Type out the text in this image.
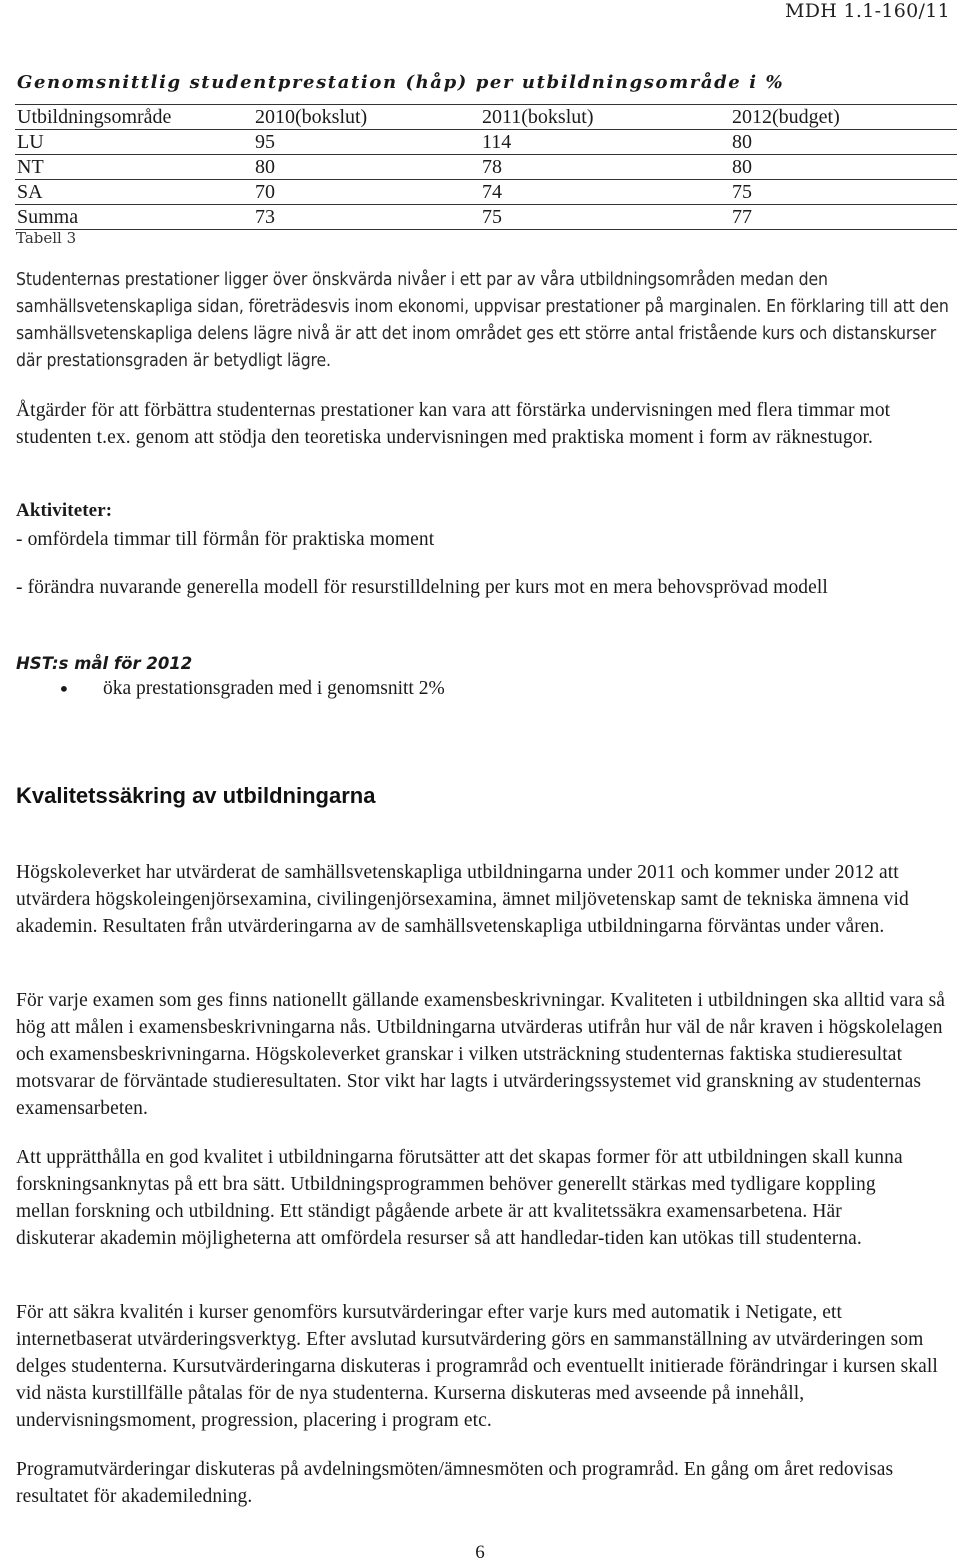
MDH 1.1-160/11
Genomsnittlig studentprestation (håp) per utbildningsområde i %
Utbildningsområde	2010(bokslut)	2011(bokslut)	2012(budget)
LU	95	114	80
NT	80	78	80
SA	70	74	75
Summa	73	75	77
Tabell 3
Studenternas prestationer ligger över önskvärda nivåer i ett par av våra utbildningsområden medan den samhällsvetenskapliga sidan, företrädesvis inom ekonomi, uppvisar prestationer på marginalen. En förklaring till att den samhällsvetenskapliga delens lägre nivå är att det inom området ges ett större antal fristående kurs och distanskurser där prestationsgraden är betydligt lägre.
Åtgärder för att förbättra studenternas prestationer kan vara att förstärka undervisningen med flera timmar mot studenten t.ex. genom att stödja den teoretiska undervisningen med praktiska moment i form av räknestugor.
Aktiviteter:
- omfördela timmar till förmån för praktiska moment
- förändra nuvarande generella modell för resurstilldelning per kurs mot en mera behovsprövad modell
HST:s mål för 2012
•	öka prestationsgraden med i genomsnitt 2%
Kvalitetssäkring av utbildningarna
Högskoleverket har utvärderat de samhällsvetenskapliga utbildningarna under 2011 och kommer under 2012 att utvärdera högskoleingenjörsexamina, civilingenjörsexamina, ämnet miljövetenskap samt de tekniska ämnena vid akademin. Resultaten från utvärderingarna av de samhällsvetenskapliga utbildningarna förväntas under våren.
För varje examen som ges finns nationellt gällande examensbeskrivningar. Kvaliteten i utbildningen ska alltid vara så hög att målen i examensbeskrivningarna nås. Utbildningarna utvärderas utifrån hur väl de når kraven i högskolelagen och examensbeskrivningarna. Högskoleverket granskar i vilken utsträckning studenternas faktiska studieresultat motsvarar de förväntade studieresultaten. Stor vikt har lagts i utvärderingssystemet vid granskning av studenternas examensarbeten.
Att upprätthålla en god kvalitet i utbildningarna förutsätter att det skapas former för att utbildningen skall kunna forskningsanknytas på ett bra sätt. Utbildningsprogrammen behöver generellt stärkas med tydligare koppling mellan forskning och utbildning. Ett ständigt pågående arbete är att kvalitetssäkra examensarbetena. Här diskuterar akademin möjligheterna att omfördela resurser så att handledar-tiden kan utökas till studenterna.
För att säkra kvalitén i kurser genomförs kursutvärderingar efter varje kurs med automatik i Netigate, ett internetbaserat utvärderingsverktyg. Efter avslutad kursutvärdering görs en sammanställning av utvärderingen som delges studenterna. Kursutvärderingarna diskuteras i programråd och eventuellt initierade förändringar i kursen skall vid nästa kurstillfälle påtalas för de nya studenterna. Kurserna diskuteras med avseende på innehåll, undervisningsmoment, progression, placering i program etc.
Programutvärderingar diskuteras på avdelningsmöten/ämnesmöten och programråd. En gång om året redovisas resultatet för akademiledning.
6
